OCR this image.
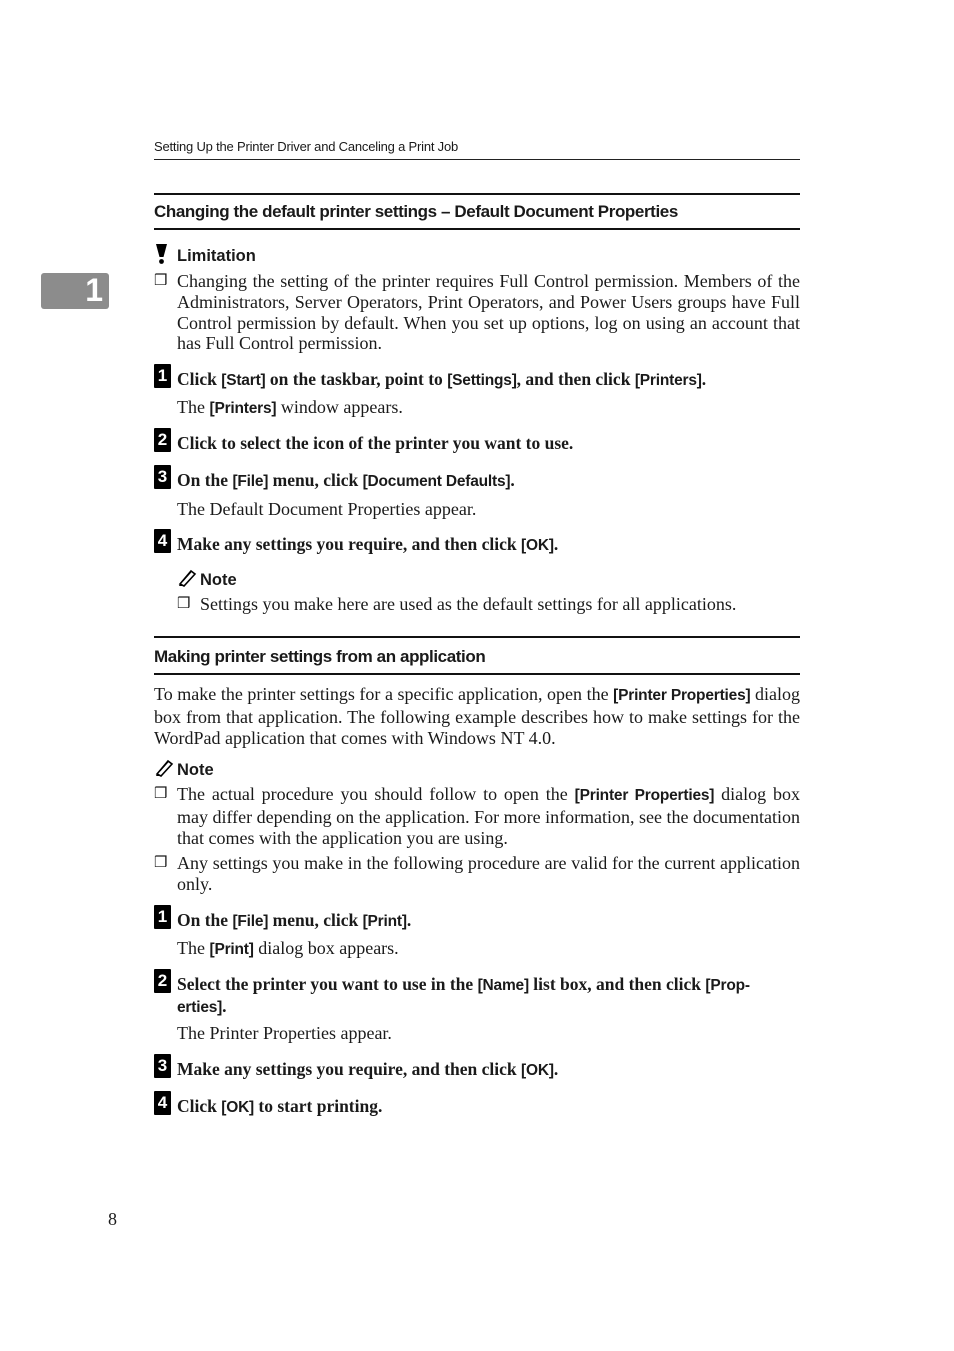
Setting Up the Printer Driver and Canceling a Print Job
1
Changing the default printer settings – Default Document Properties
Limitation
❒ Changing the setting of the printer requires Full Control permission. Members of the Administrators, Server Operators, Print Operators, and Power Users groups have Full Control permission by default. When you set up options, log on using an account that has Full Control permission.
1 Click [Start] on the taskbar, point to [Settings], and then click [Printers].
The [Printers] window appears.
2 Click to select the icon of the printer you want to use.
3 On the [File] menu, click [Document Defaults].
The Default Document Properties appear.
4 Make any settings you require, and then click [OK].
Note
❒ Settings you make here are used as the default settings for all applications.
Making printer settings from an application
To make the printer settings for a specific application, open the [Printer Properties] dialog box from that application. The following example describes how to make settings for the WordPad application that comes with Windows NT 4.0.
Note
❒ The actual procedure you should follow to open the [Printer Properties] dialog box may differ depending on the application. For more information, see the documentation that comes with the application you are using.
❒ Any settings you make in the following procedure are valid for the current application only.
1 On the [File] menu, click [Print].
The [Print] dialog box appears.
2 Select the printer you want to use in the [Name] list box, and then click [Prop-
erties].
The Printer Properties appear.
3 Make any settings you require, and then click [OK].
4 Click [OK] to start printing.
8
